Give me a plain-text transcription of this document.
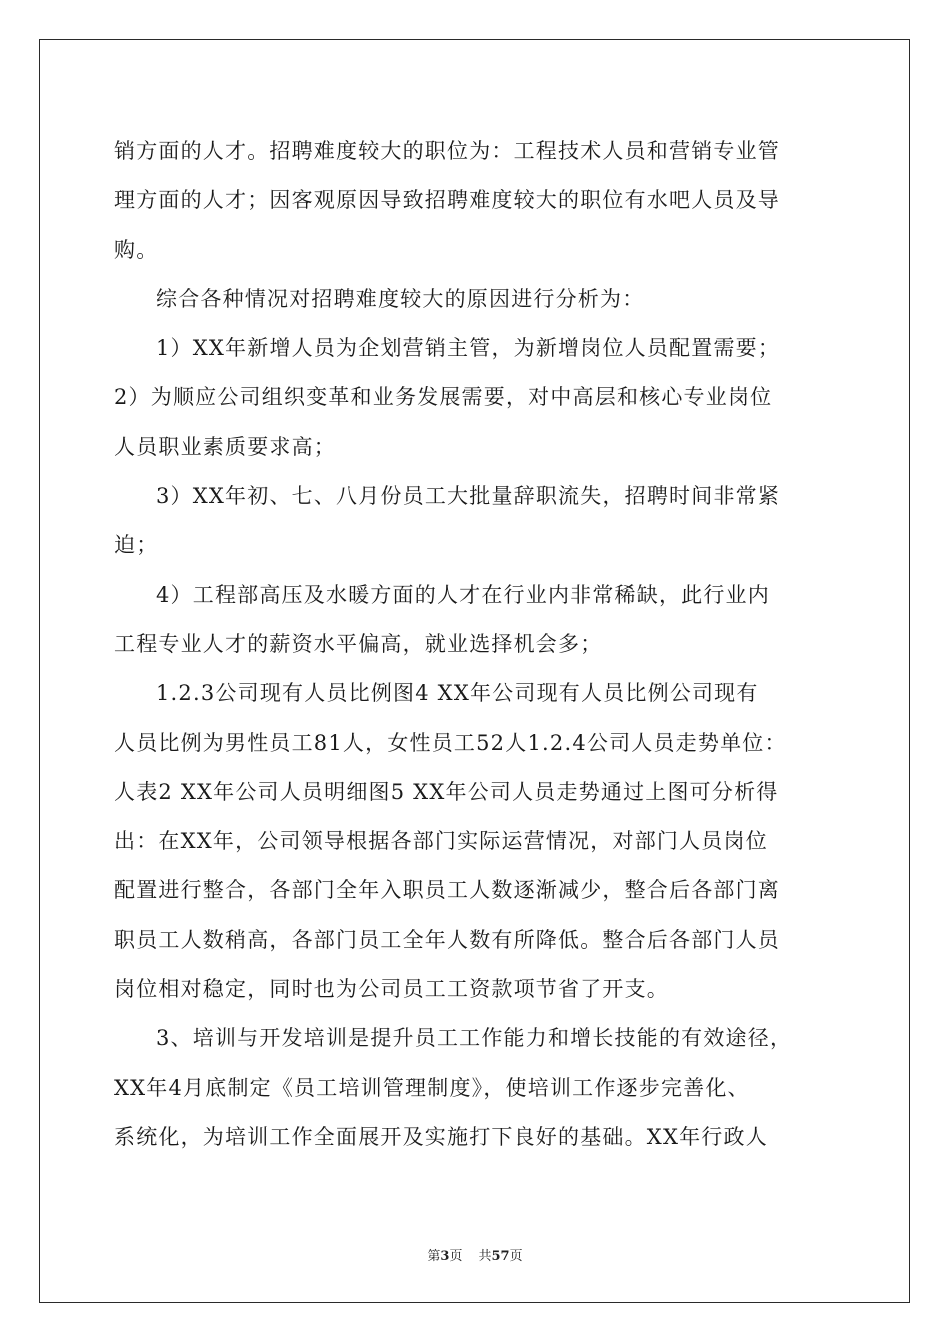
销方面的人才。招聘难度较大的职位为：工程技术人员和营销专业管
理方面的人才；因客观原因导致招聘难度较大的职位有水吧人员及导
购。
综合各种情况对招聘难度较大的原因进行分析为：
1）XX年新增人员为企划营销主管，为新增岗位人员配置需要；
2）为顺应公司组织变革和业务发展需要，对中高层和核心专业岗位
人员职业素质要求高；
3）XX年初、七、八月份员工大批量辞职流失，招聘时间非常紧
迫；
4）工程部高压及水暖方面的人才在行业内非常稀缺，此行业内
工程专业人才的薪资水平偏高，就业选择机会多；
1.2.3公司现有人员比例图4 XX年公司现有人员比例公司现有
人员比例为男性员工81人，女性员工52人1.2.4公司人员走势单位：
人表2 XX年公司人员明细图5 XX年公司人员走势通过上图可分析得
出：在XX年，公司领导根据各部门实际运营情况，对部门人员岗位
配置进行整合，各部门全年入职员工人数逐渐减少，整合后各部门离
职员工人数稍高，各部门员工全年人数有所降低。整合后各部门人员
岗位相对稳定，同时也为公司员工工资款项节省了开支。
3、培训与开发培训是提升员工工作能力和增长技能的有效途径，
XX年4月底制定《员工培训管理制度》，使培训工作逐步完善化、
系统化，为培训工作全面展开及实施打下良好的基础。XX年行政人
第3页 共57页
